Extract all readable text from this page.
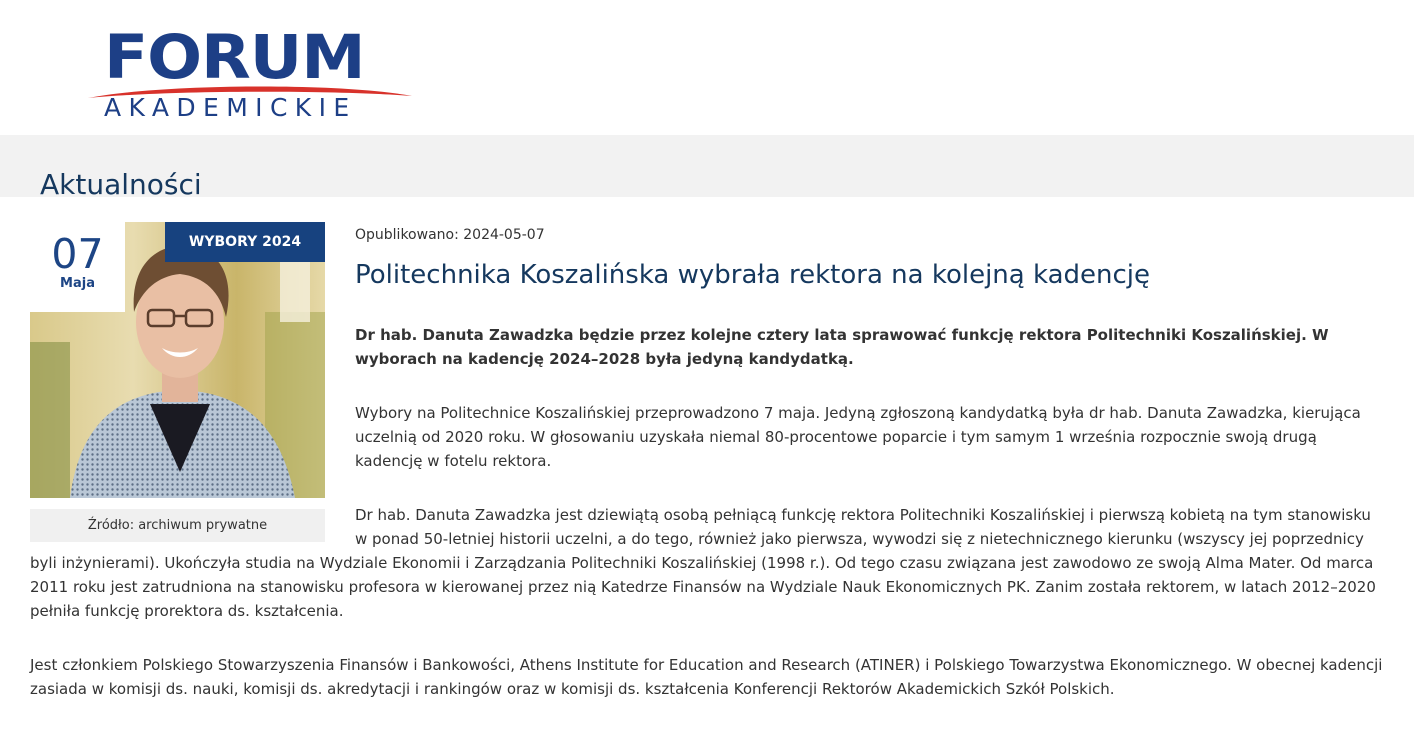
FORUM
AKADEMICKIE
Aktualności
07
Maja
WYBORY 2024
Źródło: archiwum prywatne
Opublikowano: 2024-05-07
Politechnika Koszalińska wybrała rektora na kolejną kadencję

Dr hab. Danuta Zawadzka będzie przez kolejne cztery lata sprawować funkcję rektora Politechniki Koszalińskiej. W wyborach na kadencję 2024–2028 była jedyną kandydatką.

Wybory na Politechnice Koszalińskiej przeprowadzono 7 maja. Jedyną zgłoszoną kandydatką była dr hab. Danuta Zawadzka, kierująca uczelnią od 2020 roku. W głosowaniu uzyskała niemal 80-procentowe poparcie i tym samym 1 września rozpocznie swoją drugą kadencję w fotelu rektora.

Dr hab. Danuta Zawadzka jest dziewiątą osobą pełniącą funkcję rektora Politechniki Koszalińskiej i pierwszą kobietą na tym stanowisku w ponad 50-letniej historii uczelni, a do tego, również jako pierwsza, wywodzi się z nietechnicznego kierunku (wszyscy jej poprzednicy byli inżynierami). Ukończyła studia na Wydziale Ekonomii i Zarządzania Politechniki Koszalińskiej (1998 r.). Od tego czasu związana jest zawodowo ze swoją Alma Mater. Od marca 2011 roku jest zatrudniona na stanowisku profesora w kierowanej przez nią Katedrze Finansów na Wydziale Nauk Ekonomicznych PK. Zanim została rektorem, w latach 2012–2020 pełniła funkcję prorektora ds. kształcenia.

Jest członkiem Polskiego Stowarzyszenia Finansów i Bankowości, Athens Institute for Education and Research (ATINER) i Polskiego Towarzystwa Ekonomicznego. W obecnej kadencji zasiada w komisji ds. nauki, komisji ds. akredytacji i rankingów oraz w komisji ds. kształcenia Konferencji Rektorów Akademickich Szkół Polskich.
